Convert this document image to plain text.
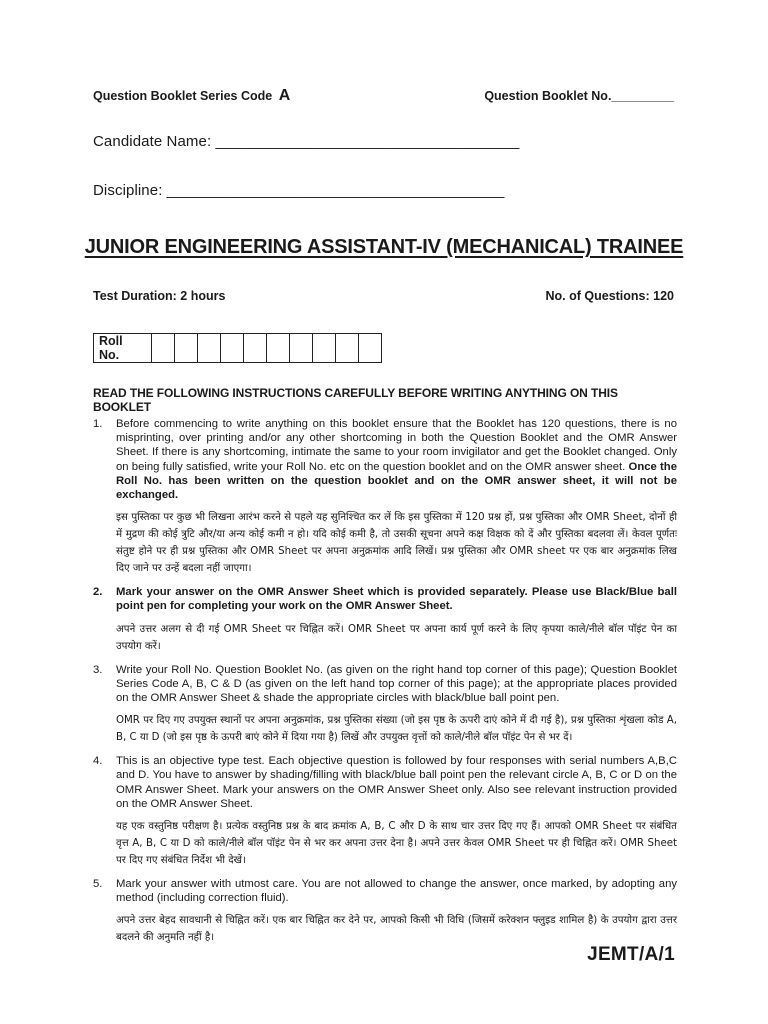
Question Booklet Series Code A	Question Booklet No._________
Candidate Name: ____________________________________
Discipline: ________________________________________
JUNIOR ENGINEERING ASSISTANT-IV (MECHANICAL) TRAINEE
Test Duration: 2 hours	No. of Questions: 120
Roll No.										
READ THE FOLLOWING INSTRUCTIONS CAREFULLY BEFORE WRITING ANYTHING ON THIS BOOKLET
1. Before commencing to write anything on this booklet ensure that the Booklet has 120 questions, there is no misprinting, over printing and/or any other shortcoming in both the Question Booklet and the OMR Answer Sheet. If there is any shortcoming, intimate the same to your room invigilator and get the Booklet changed. Only on being fully satisfied, write your Roll No. etc on the question booklet and on the OMR answer sheet. Once the Roll No. has been written on the question booklet and on the OMR answer sheet, it will not be exchanged.
इस पुस्तिका पर कुछ भी लिखना आरंभ करने से पहले यह सुनिश्चित कर लें कि इस पुस्तिका में 120 प्रश्न हों, प्रश्न पुस्तिका और OMR Sheet, दोनों ही में मुद्रण की कोई त्रुटि और/या अन्य कोई कमी न हो। यदि कोई कमी है, तो उसकी सूचना अपने कक्ष विक्षक को दें और पुस्तिका बदलवा लें। केवल पूर्णतः संतुष्ट होने पर ही प्रश्न पुस्तिका और OMR Sheet पर अपना अनुक्रमांक आदि लिखें। प्रश्न पुस्तिका और OMR sheet पर एक बार अनुक्रमांक लिख दिए जाने पर उन्हें बदला नहीं जाएगा।
2. Mark your answer on the OMR Answer Sheet which is provided separately. Please use Black/Blue ball point pen for completing your work on the OMR Answer Sheet.
अपने उत्तर अलग से दी गई OMR Sheet पर चिह्नित करें। OMR Sheet पर अपना कार्य पूर्ण करने के लिए कृपया काले/नीले बॉल पॉइंट पेन का उपयोग करें।
3. Write your Roll No. Question Booklet No. (as given on the right hand top corner of this page); Question Booklet Series Code A, B, C & D (as given on the left hand top corner of this page); at the appropriate places provided on the OMR Answer Sheet & shade the appropriate circles with black/blue ball point pen.
OMR पर दिए गए उपयुक्त स्थानों पर अपना अनुक्रमांक, प्रश्न पुस्तिका संख्या (जो इस पृष्ठ के ऊपरी दाएं कोने में दी गई है), प्रश्न पुस्तिका शृंखला कोड A, B, C या D (जो इस पृष्ठ के ऊपरी बाएं कोने में दिया गया है) लिखें और उपयुक्त वृत्तों को काले/नीले बॉल पॉइंट पेन से भर दें।
4. This is an objective type test. Each objective question is followed by four responses with serial numbers A,B,C and D. You have to answer by shading/filling with black/blue ball point pen the relevant circle A, B, C or D on the OMR Answer Sheet. Mark your answers on the OMR Answer Sheet only. Also see relevant instruction provided on the OMR Answer Sheet.
यह एक वस्तुनिष्ठ परीक्षण है। प्रत्येक वस्तुनिष्ठ प्रश्न के बाद क्रमांक A, B, C और D के साथ चार उत्तर दिए गए हैं। आपको OMR Sheet पर संबंधित वृत्त A, B, C या D को काले/नीले बॉल पॉइंट पेन से भर कर अपना उत्तर देना है। अपने उत्तर केवल OMR Sheet पर ही चिह्नित करें। OMR Sheet पर दिए गए संबंधित निर्देश भी देखें।
5. Mark your answer with utmost care. You are not allowed to change the answer, once marked, by adopting any method (including correction fluid).
अपने उत्तर बेहद सावधानी से चिह्नित करें। एक बार चिह्नित कर देने पर, आपको किसी भी विधि (जिसमें करेक्शन फ्लुइड शामिल है) के उपयोग द्वारा उत्तर बदलने की अनुमति नहीं है।
JEMT/A/1
